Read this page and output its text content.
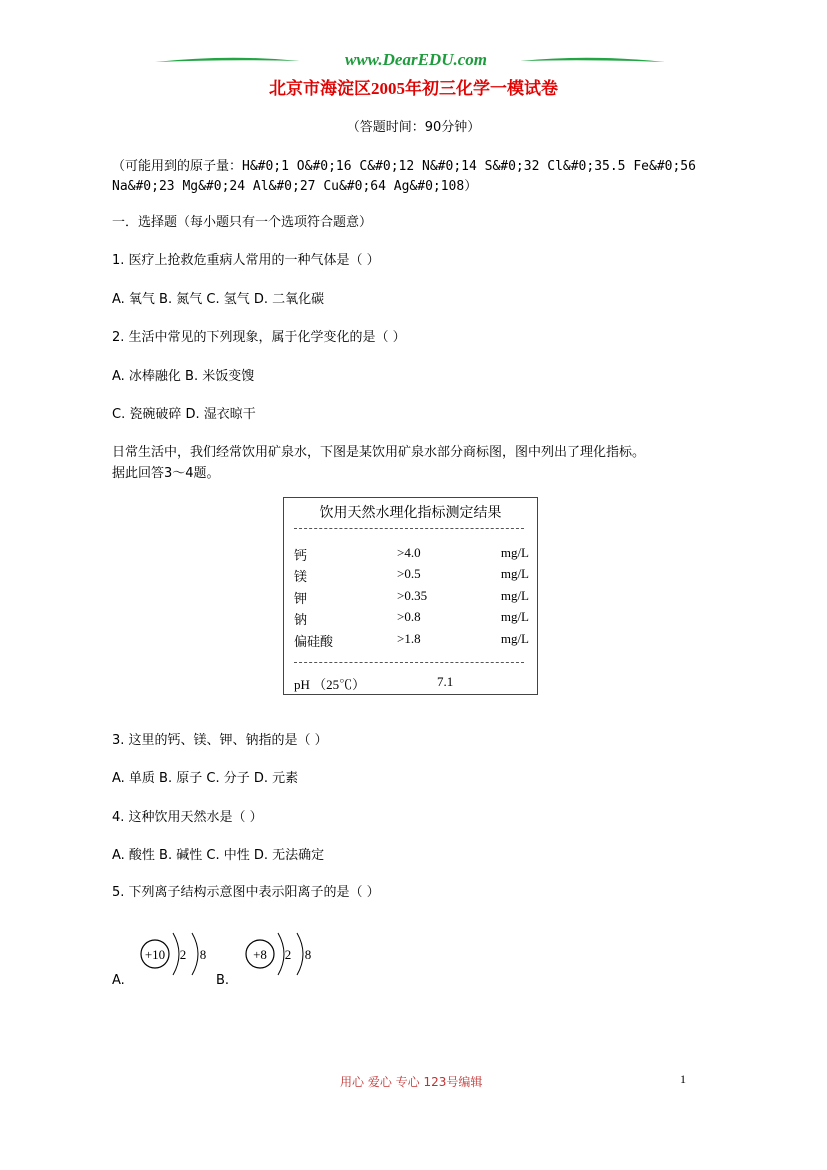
www.DearEDU.com
北京市海淀区2005年初三化学一模试卷
（答题时间：90分钟）
（可能用到的原子量：H&#0;1 O&#0;16 C&#0;12 N&#0;14 S&#0;32 Cl&#0;35.5 Fe&#0;56
Na&#0;23 Mg&#0;24 Al&#0;27 Cu&#0;64 Ag&#0;108）
一．选择题（每小题只有一个选项符合题意）
1. 医疗上抢救危重病人常用的一种气体是（ ）
A. 氧气 B. 氮气 C. 氢气 D. 二氧化碳
2. 生活中常见的下列现象，属于化学变化的是（ ）
A. 冰棒融化 B. 米饭变馊
C. 瓷碗破碎 D. 湿衣晾干
日常生活中，我们经常饮用矿泉水，下图是某饮用矿泉水部分商标图，图中列出了理化指标。
据此回答3～4题。
饮用天然水理化指标测定结果
钙	>4.0	mg/L
镁	>0.5	mg/L
钾	>0.35	mg/L
钠	>0.8	mg/L
偏硅酸	>1.8	mg/L
pH （25℃）	7.1
3. 这里的钙、镁、钾、钠指的是（ ）
A. 单质 B. 原子 C. 分子 D. 元素
4. 这种饮用天然水是（ ）
A. 酸性 B. 碱性 C. 中性 D. 无法确定
5. 下列离子结构示意图中表示阳离子的是（ ）
A.
+10 2 8
B.
+8 2 8
用心 爱心 专心 123号编辑	1
